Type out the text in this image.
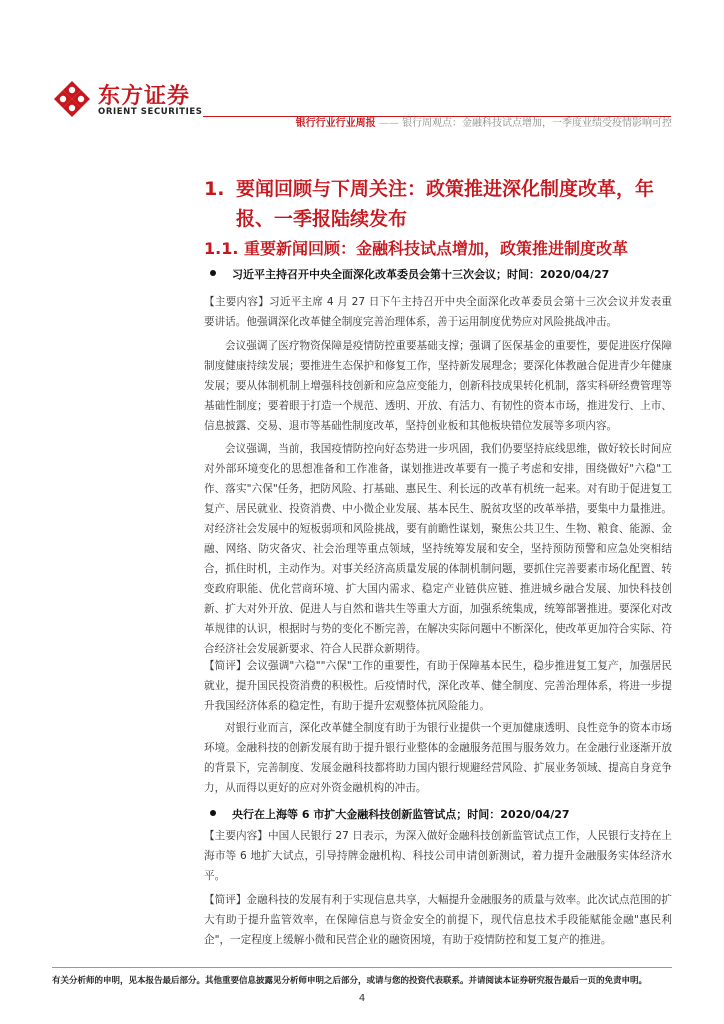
东方证券
ORIENT SECURITIES
银行行业行业周报 —— 银行周观点：金融科技试点增加，一季度业绩受疫情影响可控
1. 要闻回顾与下周关注：政策推进深化制度改革，年
报、一季报陆续发布
1.1. 重要新闻回顾：金融科技试点增加，政策推进制度改革
习近平主持召开中央全面深化改革委员会第十三次会议；时间：2020/04/27

【主要内容】习近平主席 4 月 27 日下午主持召开中央全面深化改革委员会第十三次会议并发表重要讲话。他强调深化改革健全制度完善治理体系，善于运用制度优势应对风险挑战冲击。

会议强调了医疗物资保障是疫情防控重要基础支撑；强调了医保基金的重要性，要促进医疗保障制度健康持续发展；要推进生态保护和修复工作，坚持新发展理念；要深化体教融合促进青少年健康发展；要从体制机制上增强科技创新和应急应变能力，创新科技成果转化机制，落实科研经费管理等基础性制度；要着眼于打造一个规范、透明、开放、有活力、有韧性的资本市场，推进发行、上市、信息披露、交易、退市等基础性制度改革，坚持创业板和其他板块错位发展等多项内容。

会议强调，当前，我国疫情防控向好态势进一步巩固，我们仍要坚持底线思维，做好较长时间应对外部环境变化的思想准备和工作准备，谋划推进改革要有一揽子考虑和安排，围绕做好"六稳"工作、落实"六保"任务，把防风险、打基础、惠民生、利长远的改革有机统一起来。对有助于促进复工复产、居民就业、投资消费、中小微企业发展、基本民生、脱贫攻坚的改革举措，要集中力量推进。对经济社会发展中的短板弱项和风险挑战，要有前瞻性谋划，聚焦公共卫生、生物、粮食、能源、金融、网络、防灾备灾、社会治理等重点领域，坚持统筹发展和安全，坚持预防预警和应急处突相结合，抓住时机，主动作为。对事关经济高质量发展的体制机制问题，要抓住完善要素市场化配置、转变政府职能、优化营商环境、扩大国内需求、稳定产业链供应链、推进城乡融合发展、加快科技创新、扩大对外开放、促进人与自然和谐共生等重大方面，加强系统集成，统筹部署推进。要深化对改革规律的认识，根据时与势的变化不断完善，在解决实际问题中不断深化，使改革更加符合实际、符合经济社会发展新要求、符合人民群众新期待。

【简评】会议强调"六稳""六保"工作的重要性，有助于保障基本民生，稳步推进复工复产，加强居民就业，提升国民投资消费的积极性。后疫情时代，深化改革、健全制度、完善治理体系，将进一步提升我国经济体系的稳定性，有助于提升宏观整体抗风险能力。

对银行业而言，深化改革健全制度有助于为银行业提供一个更加健康透明、良性竞争的资本市场环境。金融科技的创新发展有助于提升银行业整体的金融服务范围与服务效力。在金融行业逐渐开放的背景下，完善制度、发展金融科技都将助力国内银行规避经营风险、扩展业务领域、提高自身竞争力，从而得以更好的应对外资金融机构的冲击。

央行在上海等 6 市扩大金融科技创新监管试点；时间：2020/04/27

【主要内容】中国人民银行 27 日表示，为深入做好金融科技创新监管试点工作，人民银行支持在上海市等 6 地扩大试点，引导持牌金融机构、科技公司申请创新测试，着力提升金融服务实体经济水平。

【简评】金融科技的发展有利于实现信息共享，大幅提升金融服务的质量与效率。此次试点范围的扩大有助于提升监管效率，在保障信息与资金安全的前提下，现代信息技术手段能赋能金融"惠民利企"，一定程度上缓解小微和民营企业的融资困境，有助于疫情防控和复工复产的推进。

有关分析师的申明，见本报告最后部分。其他重要信息披露见分析师申明之后部分，或请与您的投资代表联系。并请阅读本证券研究报告最后一页的免责申明。
4
